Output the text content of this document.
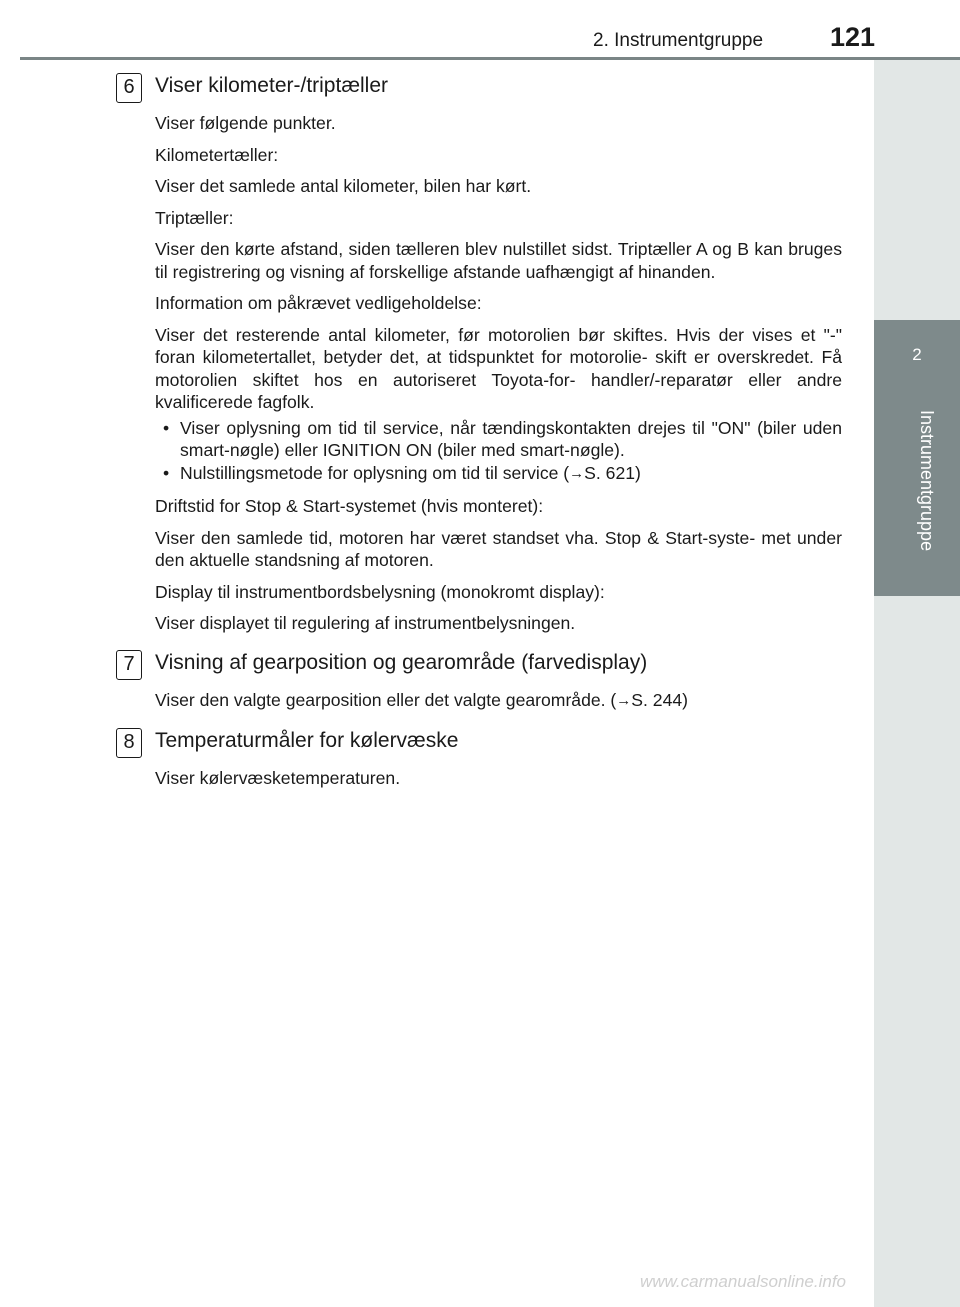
2. Instrumentgruppe 121
2
Instrumentgruppe
6 Viser kilometer-/triptæller

Viser følgende punkter.

Kilometertæller:

Viser det samlede antal kilometer, bilen har kørt.

Triptæller:

Viser den kørte afstand, siden tælleren blev nulstillet sidst. Triptæller A og B kan bruges til registrering og visning af forskellige afstande uafhængigt af hinanden.

Information om påkrævet vedligeholdelse:

Viser det resterende antal kilometer, før motorolien bør skiftes. Hvis der vises et "-" foran kilometertallet, betyder det, at tidspunktet for motorolie- skift er overskredet. Få motorolien skiftet hos en autoriseret Toyota-for- handler/-reparatør eller andre kvalificerede fagfolk.

• Viser oplysning om tid til service, når tændingskontakten drejes til "ON" (biler uden smart-nøgle) eller IGNITION ON (biler med smart-nøgle).
• Nulstillingsmetode for oplysning om tid til service (→S. 621)

Driftstid for Stop & Start-systemet (hvis monteret):

Viser den samlede tid, motoren har været standset vha. Stop & Start-syste- met under den aktuelle standsning af motoren.

Display til instrumentbordsbelysning (monokromt display):

Viser displayet til regulering af instrumentbelysningen.

7 Visning af gearposition og gearområde (farvedisplay)

Viser den valgte gearposition eller det valgte gearområde. (→S. 244)

8 Temperaturmåler for kølervæske

Viser kølervæsketemperaturen.

www.carmanualsonline.info
